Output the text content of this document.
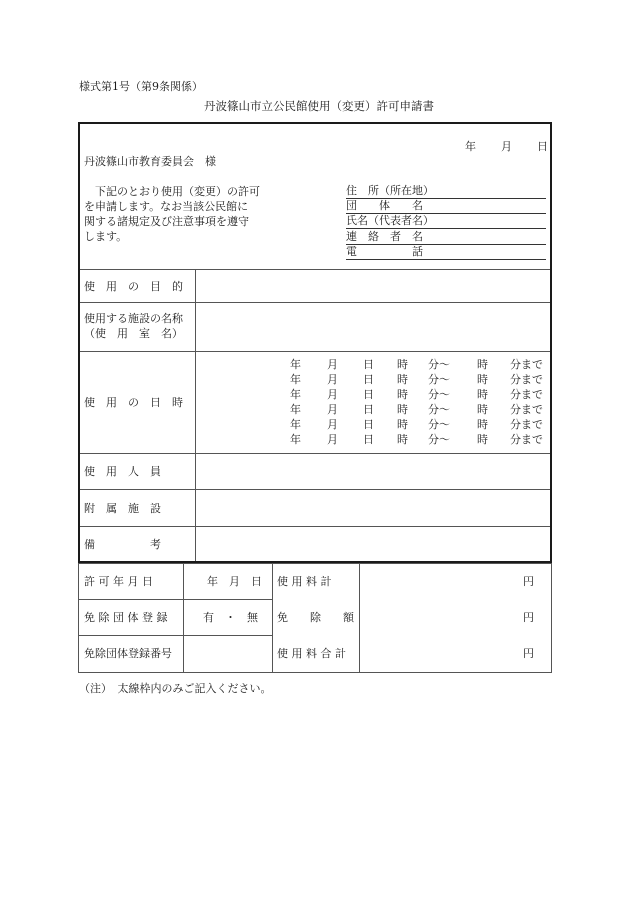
様式第1号（第9条関係）
丹波篠山市立公民館使用（変更）許可申請書
年 月 日
丹波篠山市教育委員会　様
　下記のとおり使用（変更）の許可
を申請します。なお当該公民館に
関する諸規定及び注意事項を遵守
します。
住　所（所在地）
団　　体　　名
氏名（代表者名）
連　絡　者　名
電　　　　　話
使　用　の　目　的
使用する施設の名称
（使　用　室　名）
使　用　の　日　時
年 月 日 時 分〜 時 分まで
年 月 日 時 分〜 時 分まで
年 月 日 時 分〜 時 分まで
年 月 日 時 分〜 時 分まで
年 月 日 時 分〜 時 分まで
年 月 日 時 分〜 時 分まで
使　用　人　員
附　属　施　設
備　　　　　考
許 可 年 月 日	年　月　日
免 除 団 体 登 録	有　・　無
免除団体登録番号
使 用 料 計
免　　除　　額
使 用 料 合 計
円
円
円
（注）　太線枠内のみご記入ください。
